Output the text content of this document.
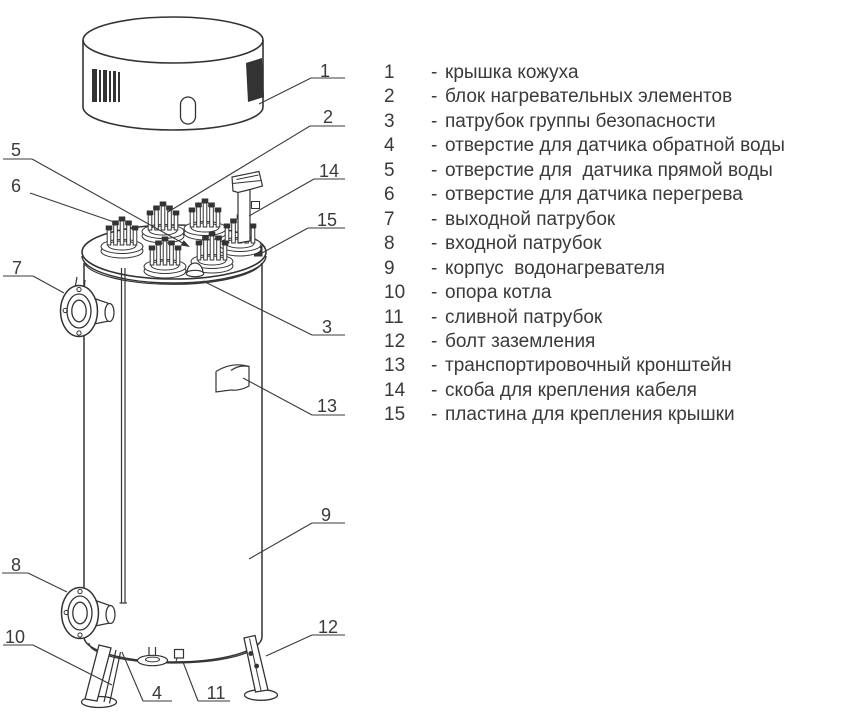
1
2
14
15
3
13
9
12
5
6
7
8
10
4 11
1	- крышка кожуха
2	- блок нагревательных элементов
3	- патрубок группы безопасности
4	- отверстие для датчика обратной воды
5	- отверстие для  датчика прямой воды
6	- отверстие для датчика перегрева
7	- выходной патрубок
8	- входной патрубок
9	- корпус  водонагревателя
10	- опора котла
11	- сливной патрубок
12	- болт заземления
13	- транспортировочный кронштейн
14	- скоба для крепления кабеля
15	- пластина для крепления крышки
